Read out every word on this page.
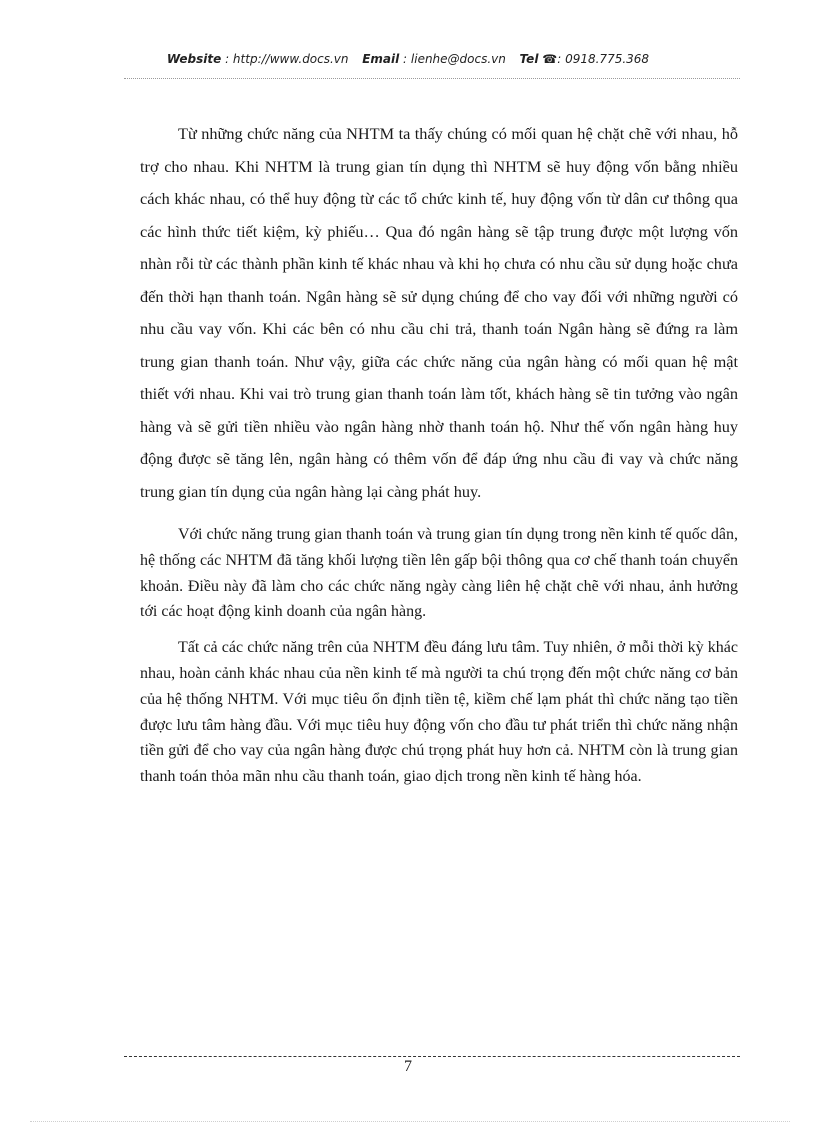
Website : http://www.docs.vn Email : lienhe@docs.vn Tel ☎: 0918.775.368

Từ những chức năng của NHTM ta thấy chúng có mối quan hệ chặt chẽ với nhau, hỗ trợ cho nhau. Khi NHTM là trung gian tín dụng thì NHTM sẽ huy động vốn bằng nhiều cách khác nhau, có thể huy động từ các tổ chức kinh tế, huy động vốn từ dân cư thông qua các hình thức tiết kiệm, kỳ phiếu… Qua đó ngân hàng sẽ tập trung được một lượng vốn nhàn rỗi từ các thành phần kinh tế khác nhau và khi họ chưa có nhu cầu sử dụng hoặc chưa đến thời hạn thanh toán. Ngân hàng sẽ sử dụng chúng để cho vay đối với những người có nhu cầu vay vốn. Khi các bên có nhu cầu chi trả, thanh toán Ngân hàng sẽ đứng ra làm trung gian thanh toán. Như vậy, giữa các chức năng của ngân hàng có mối quan hệ mật thiết với nhau. Khi vai trò trung gian thanh toán làm tốt, khách hàng sẽ tin tưởng vào ngân hàng và sẽ gửi tiền nhiều vào ngân hàng nhờ thanh toán hộ. Như thế vốn ngân hàng huy động được sẽ tăng lên, ngân hàng có thêm vốn để đáp ứng nhu cầu đi vay và chức năng trung gian tín dụng của ngân hàng lại càng phát huy.

Với chức năng trung gian thanh toán và trung gian tín dụng trong nền kinh tế quốc dân, hệ thống các NHTM đã tăng khối lượng tiền lên gấp bội thông qua cơ chế thanh toán chuyển khoản. Điều này đã làm cho các chức năng ngày càng liên hệ chặt chẽ với nhau, ảnh hưởng tới các hoạt động kinh doanh của ngân hàng.

Tất cả các chức năng trên của NHTM đều đáng lưu tâm. Tuy nhiên, ở mỗi thời kỳ khác nhau, hoàn cảnh khác nhau của nền kinh tế mà người ta chú trọng đến một chức năng cơ bản của hệ thống NHTM. Với mục tiêu ổn định tiền tệ, kiềm chế lạm phát thì chức năng tạo tiền được lưu tâm hàng đầu. Với mục tiêu huy động vốn cho đầu tư phát triển thì chức năng nhận tiền gửi để cho vay của ngân hàng được chú trọng phát huy hơn cả. NHTM còn là trung gian thanh toán thỏa mãn nhu cầu thanh toán, giao dịch trong nền kinh tế hàng hóa.

7
